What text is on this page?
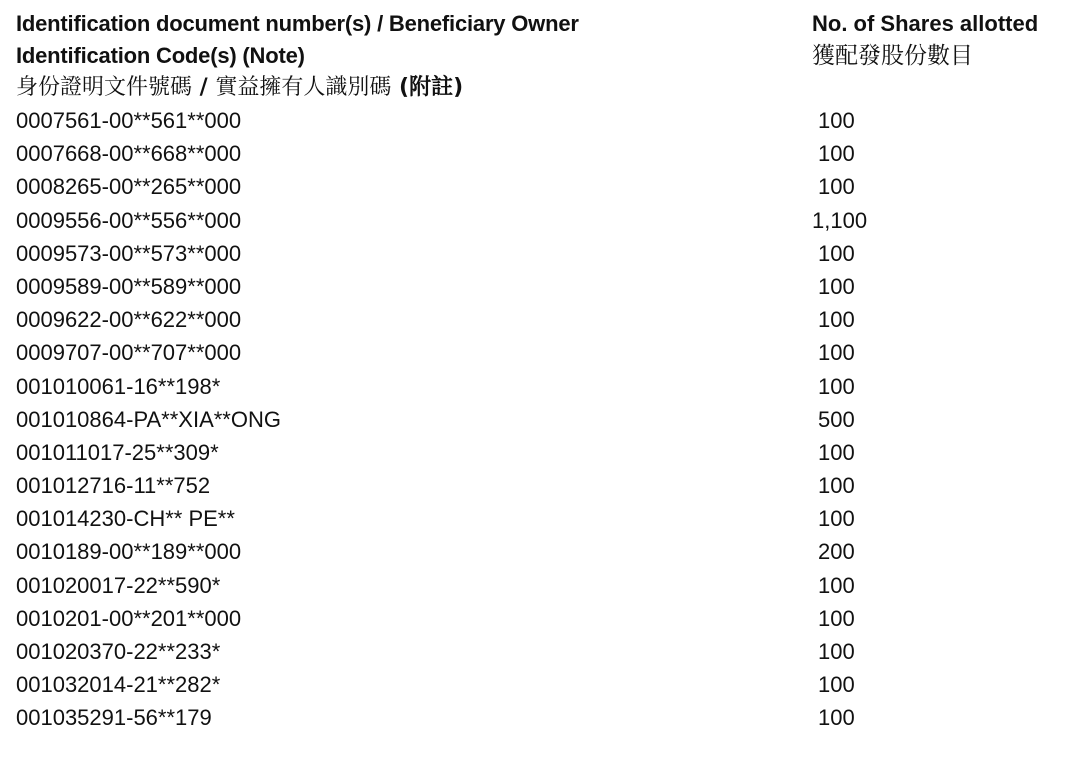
Identification document number(s) / Beneficiary Owner
Identification Code(s) (Note)
身份證明文件號碼 / 實益擁有人識別碼 (附註)
No. of Shares allotted
獲配發股份數目
0007561-00**561**000	100
0007668-00**668**000	100
0008265-00**265**000	100
0009556-00**556**000	1,100
0009573-00**573**000	100
0009589-00**589**000	100
0009622-00**622**000	100
0009707-00**707**000	100
001010061-16**198*	100
001010864-PA**XIA**ONG	500
001011017-25**309*	100
001012716-11**752	100
001014230-CH** PE**	100
0010189-00**189**000	200
001020017-22**590*	100
0010201-00**201**000	100
001020370-22**233*	100
001032014-21**282*	100
001035291-56**179	100
